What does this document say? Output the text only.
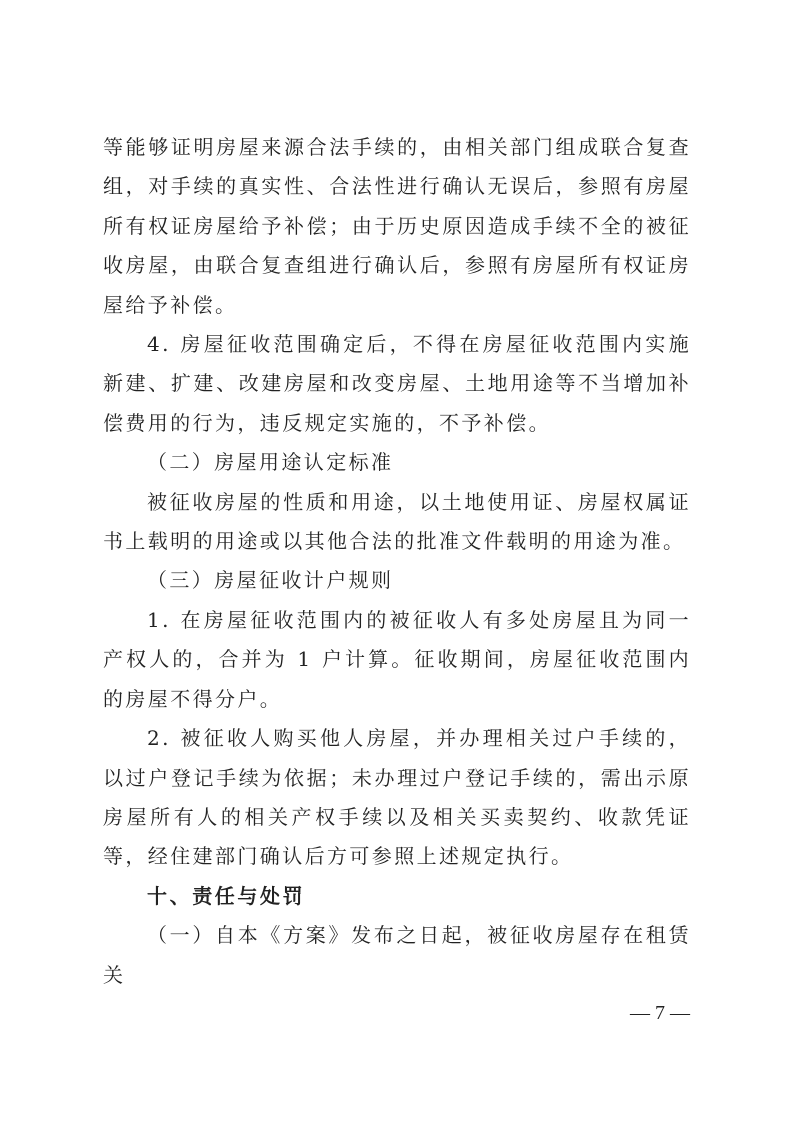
等能够证明房屋来源合法手续的，由相关部门组成联合复查组，对手续的真实性、合法性进行确认无误后，参照有房屋所有权证房屋给予补偿；由于历史原因造成手续不全的被征收房屋，由联合复查组进行确认后，参照有房屋所有权证房屋给予补偿。

4. 房屋征收范围确定后，不得在房屋征收范围内实施新建、扩建、改建房屋和改变房屋、土地用途等不当增加补偿费用的行为，违反规定实施的，不予补偿。

（二）房屋用途认定标准

被征收房屋的性质和用途，以土地使用证、房屋权属证书上载明的用途或以其他合法的批准文件载明的用途为准。

（三）房屋征收计户规则

1. 在房屋征收范围内的被征收人有多处房屋且为同一产权人的，合并为 1 户计算。征收期间，房屋征收范围内的房屋不得分户。

2. 被征收人购买他人房屋，并办理相关过户手续的，以过户登记手续为依据；未办理过户登记手续的，需出示原房屋所有人的相关产权手续以及相关买卖契约、收款凭证等，经住建部门确认后方可参照上述规定执行。

十、责任与处罚

（一）自本《方案》发布之日起，被征收房屋存在租赁关

— 7 —
